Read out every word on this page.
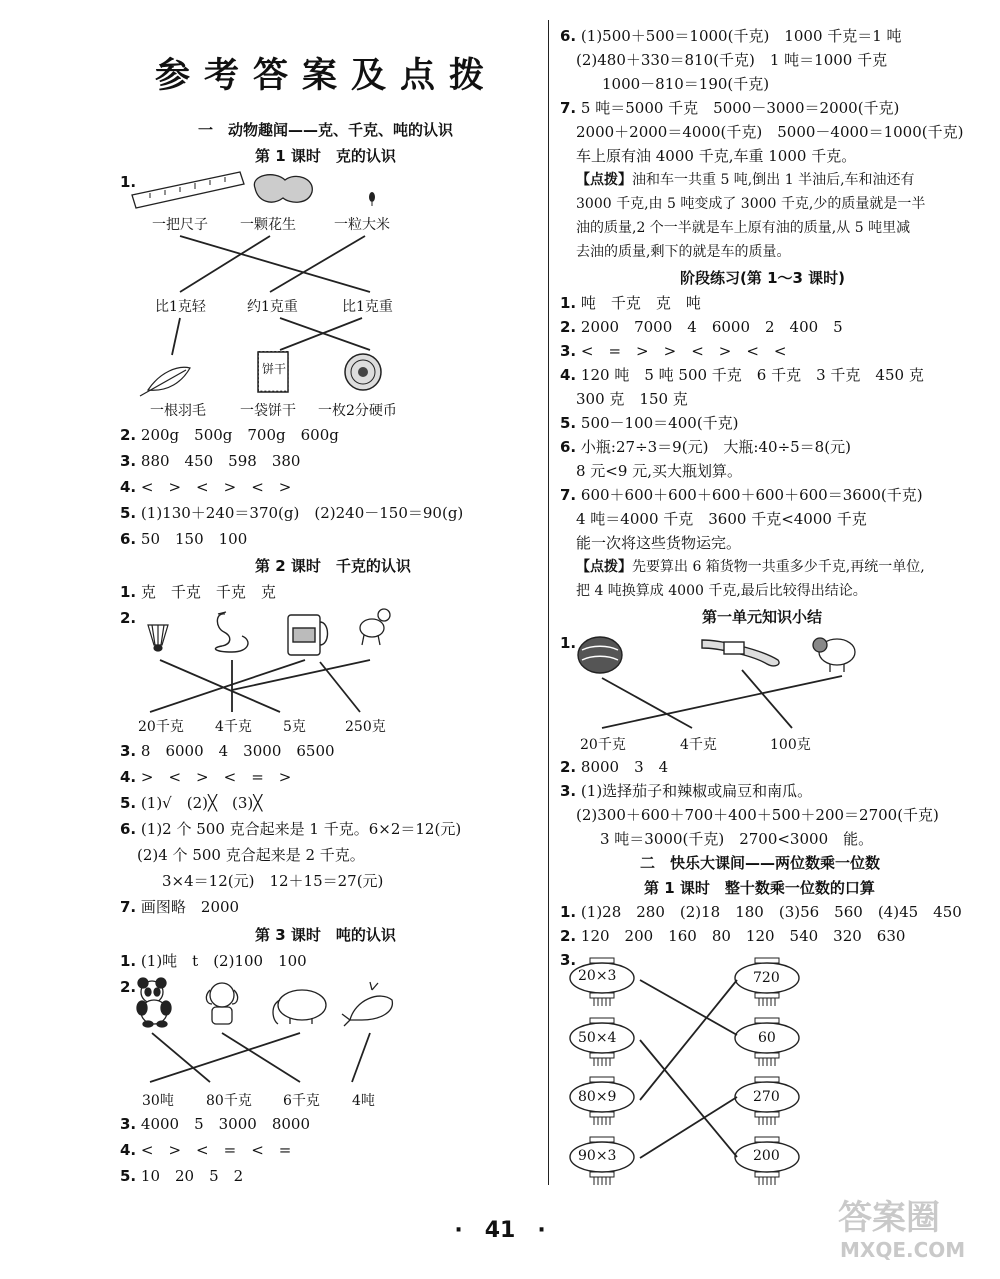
参考答案及点拨
一　动物趣闻——克、千克、吨的认识
第 1 课时　克的认识
1.
饼干
一把尺子 一颗花生	一粒大米
比1克轻	约1克重	比1克重
一根羽毛 一袋饼干 一枚2分硬币
2. 200g　500g　700g　600g
3. 880　450　598　380
4. <　>　<　>　<　>
5. (1)130＋240＝370(g)　(2)240－150＝90(g)
6. 50　150　100
第 2 课时　千克的认识
1. 克　千克　千克　克
2.
20千克 4千克 5克	250克
3. 8　6000　4　3000　6500
4. >　<　>　<　=　>
5. (1)√　(2)╳　(3)╳
6. (1)2 个 500 克合起来是 1 千克。6×2＝12(元)
(2)4 个 500 克合起来是 2 千克。
3×4＝12(元)　12＋15＝27(元)
7. 画图略　2000
第 3 课时　吨的认识
1. (1)吨　t　(2)100　100
2.
30吨 80千克 6千克 4吨
3. 4000　5　3000　8000
4. <　>　<　=　<　=
5. 10　20　5　2
6. (1)500＋500＝1000(千克)　1000 千克＝1 吨
(2)480＋330＝810(千克)　1 吨＝1000 千克
1000－810＝190(千克)
7. 5 吨＝5000 千克　5000－3000＝2000(千克)
2000＋2000＝4000(千克)　5000－4000＝1000(千克)
车上原有油 4000 千克,车重 1000 千克。
【点拨】油和车一共重 5 吨,倒出 1 半油后,车和油还有
3000 千克,由 5 吨变成了 3000 千克,少的质量就是一半
油的质量,2 个一半就是车上原有油的质量,从 5 吨里减
去油的质量,剩下的就是车的质量。
阶段练习(第 1～3 课时)
1. 吨　千克　克　吨
2. 2000　7000　4　6000　2　400　5
3. <　=　>　>　<　>　<　<
4. 120 吨　5 吨 500 千克　6 千克　3 千克　450 克
300 克　150 克
5. 500－100＝400(千克)
6. 小瓶:27÷3＝9(元)　大瓶:40÷5＝8(元)
8 元<9 元,买大瓶划算。
7. 600＋600＋600＋600＋600＋600＝3600(千克)
4 吨＝4000 千克　3600 千克<4000 千克
能一次将这些货物运完。
【点拨】先要算出 6 箱货物一共重多少千克,再统一单位,
把 4 吨换算成 4000 千克,最后比较得出结论。
第一单元知识小结
1.
20千克	4千克	100克
2. 8000　3　4
3. (1)选择茄子和辣椒或扁豆和南瓜。
(2)300＋600＋700＋400＋500＋200＝2700(千克)
3 吨＝3000(千克)　2700<3000　能。
二　快乐大课间——两位数乘一位数
第 1 课时　整十数乘一位数的口算
1. (1)28　280　(2)18　180　(3)56　560　(4)45　450
2. 120　200　160　80　120　540　320　630
3.
20×3
50×4
80×9
90×3
720
60
270
200
·　 41　 ·	答案圈
MXQE.COM
